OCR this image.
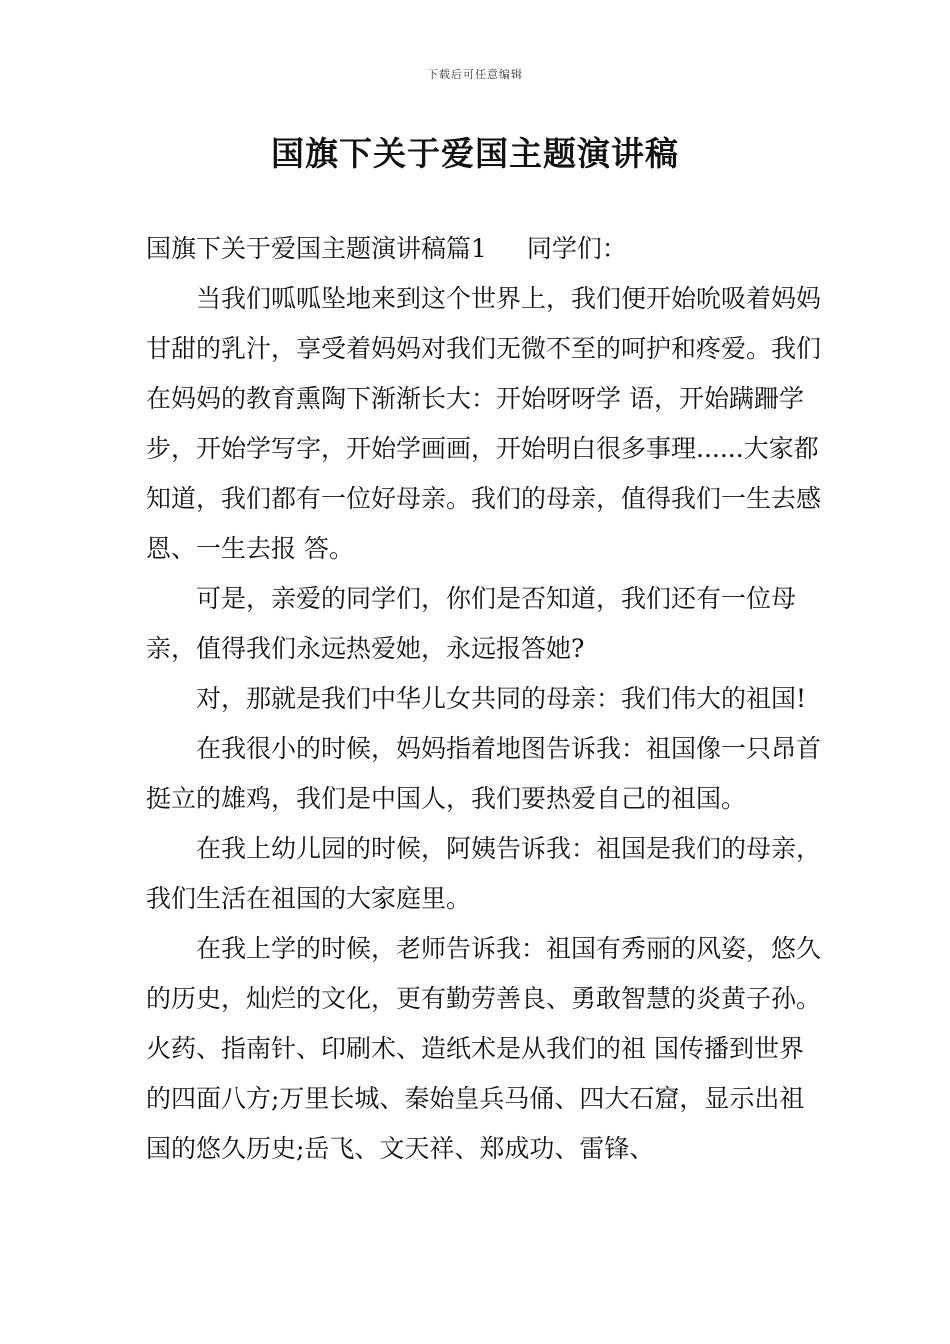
下载后可任意编辑
国旗下关于爱国主题演讲稿

国旗下关于爱国主题演讲稿篇1 同学们：

当我们呱呱坠地来到这个世界上，我们便开始吮吸着妈妈甘甜的乳汁，享受着妈妈对我们无微不至的呵护和疼爱。我们在妈妈的教育熏陶下渐渐长大：开始呀呀学 语，开始蹒跚学步，开始学写字，开始学画画，开始明白很多事理......大家都知道，我们都有一位好母亲。我们的母亲，值得我们一生去感恩、一生去报 答。

可是，亲爱的同学们，你们是否知道，我们还有一位母亲，值得我们永远热爱她，永远报答她?

对，那就是我们中华儿女共同的母亲：我们伟大的祖国!

在我很小的时候，妈妈指着地图告诉我：祖国像一只昂首挺立的雄鸡，我们是中国人，我们要热爱自己的祖国。

在我上幼儿园的时候，阿姨告诉我：祖国是我们的母亲，我们生活在祖国的大家庭里。

在我上学的时候，老师告诉我：祖国有秀丽的风姿，悠久的历史，灿烂的文化，更有勤劳善良、勇敢智慧的炎黄子孙。火药、指南针、印刷术、造纸术是从我们的祖 国传播到世界的四面八方;万里长城、秦始皇兵马俑、四大石窟，显示出祖国的悠久历史;岳飞、文天祥、郑成功、雷锋、
